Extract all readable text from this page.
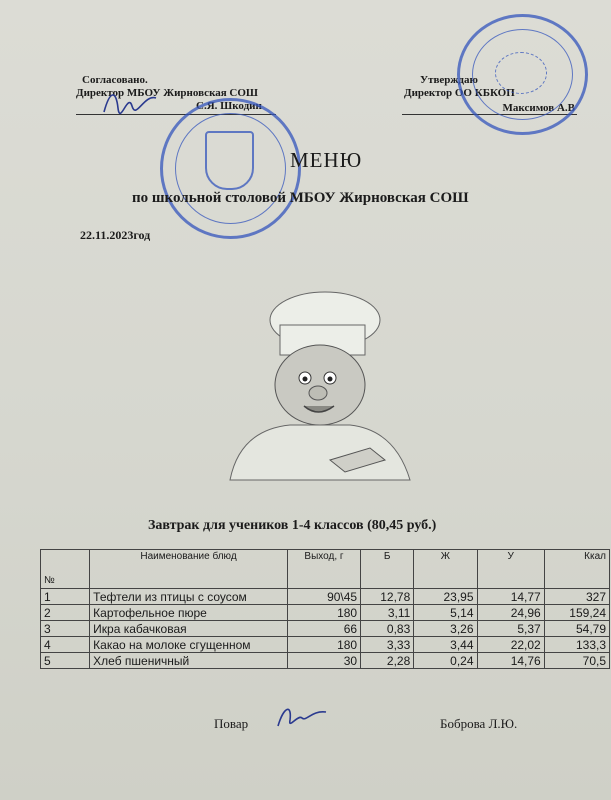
Согласовано.
Директор МБОУ Жирновская СОШ
С.Я. Шкодин
Утверждаю
Директор ОО КБКОП
Максимов А.В
МЕНЮ
по школьной столовой МБОУ Жирновская СОШ
22.11.2023год
Завтрак для учеников 1-4 классов (80,45 руб.)
№	Наименование блюд	Выход, г	Б	Ж	У	Ккал
1	Тефтели из птицы с соусом	90\45	12,78	23,95	14,77	327
2	Картофельное пюре	180	3,11	5,14	24,96	159,24
3	Икра кабачковая	66	0,83	3,26	5,37	54,79
4	Какао на молоке сгущенном	180	3,33	3,44	22,02	133,3
5	Хлеб пшеничный	30	2,28	0,24	14,76	70,5
Повар	Боброва Л.Ю.
